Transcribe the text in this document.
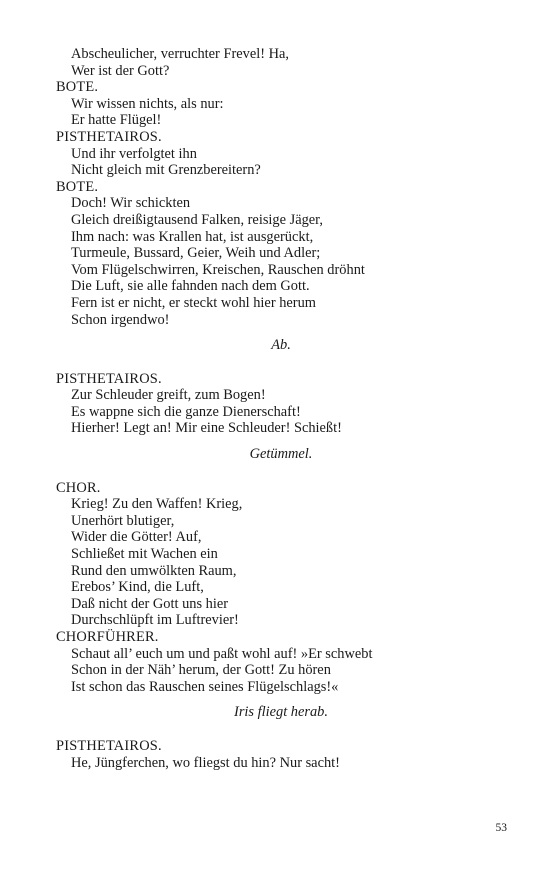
Abscheulicher, verruchter Frevel! Ha,
Wer ist der Gott?
BOTE.
Wir wissen nichts, als nur:
Er hatte Flügel!
PISTHETAIROS.
Und ihr verfolgtet ihn
Nicht gleich mit Grenzbereitern?
BOTE.
Doch! Wir schickten
Gleich dreißigtausend Falken, reisige Jäger,
Ihm nach: was Krallen hat, ist ausgerückt,
Turmeule, Bussard, Geier, Weih und Adler;
Vom Flügelschwirren, Kreischen, Rauschen dröhnt
Die Luft, sie alle fahnden nach dem Gott.
Fern ist er nicht, er steckt wohl hier herum
Schon irgendwo!
Ab.
PISTHETAIROS.
Zur Schleuder greift, zum Bogen!
Es wappne sich die ganze Dienerschaft!
Hierher! Legt an! Mir eine Schleuder! Schießt!
Getümmel.
CHOR.
Krieg! Zu den Waffen! Krieg,
Unerhört blutiger,
Wider die Götter! Auf,
Schließet mit Wachen ein
Rund den umwölkten Raum,
Erebos’ Kind, die Luft,
Daß nicht der Gott uns hier
Durchschlüpft im Luftrevier!
CHORFÜHRER.
Schaut all’ euch um und paßt wohl auf! »Er schwebt
Schon in der Näh’ herum, der Gott! Zu hören
Ist schon das Rauschen seines Flügelschlags!«
Iris fliegt herab.
PISTHETAIROS.
He, Jüngferchen, wo fliegst du hin? Nur sacht!
53
